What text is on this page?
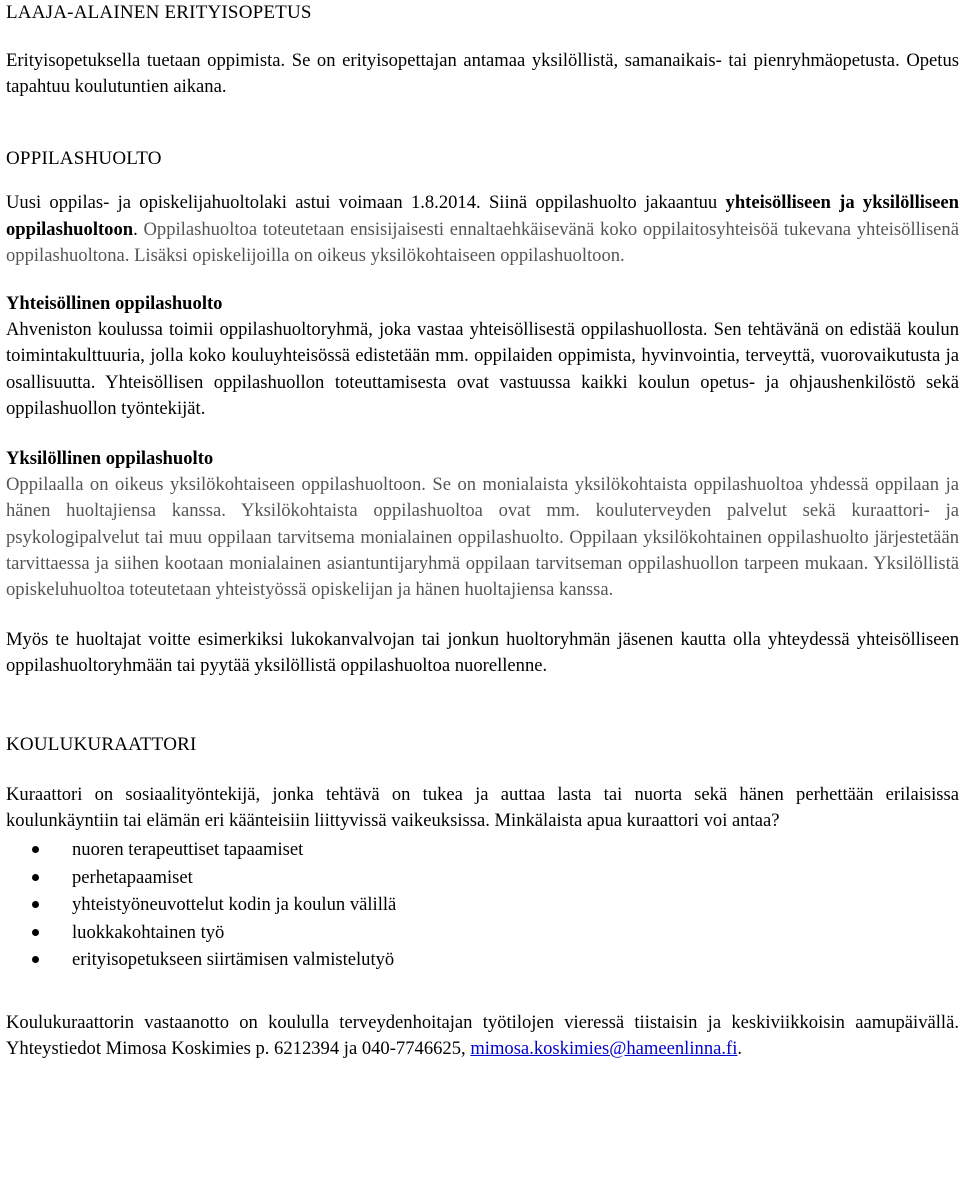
LAAJA-ALAINEN ERITYISOPETUS

Erityisopetuksella tuetaan oppimista. Se on erityisopettajan antamaa yksilöllistä, samanaikais- tai pienryhmäopetusta. Opetus tapahtuu koulutuntien aikana.

OPPILASHUOLTO

Uusi oppilas- ja opiskelijahuoltolaki astui voimaan 1.8.2014. Siinä oppilashuolto jakaantuu yhteisölliseen ja yksilölliseen oppilashuoltoon. Oppilashuoltoa toteutetaan ensisijaisesti ennaltaehkäisevänä koko oppilaitosyhteisöä tukevana yhteisöllisenä oppilashuoltona. Lisäksi opiskelijoilla on oikeus yksilökohtaiseen oppilashuoltoon.

Yhteisöllinen oppilashuolto

Ahveniston koulussa toimii oppilashuoltoryhmä, joka vastaa yhteisöllisestä oppilashuollosta. Sen tehtävänä on edistää koulun toimintakulttuuria, jolla koko kouluyhteisössä edistetään mm. oppilaiden oppimista, hyvinvointia, terveyttä, vuorovaikutusta ja osallisuutta. Yhteisöllisen oppilashuollon toteuttamisesta ovat vastuussa kaikki koulun opetus- ja ohjaushenkilöstö sekä oppilashuollon työntekijät.

Yksilöllinen oppilashuolto

Oppilaalla on oikeus yksilökohtaiseen oppilashuoltoon. Se on monialaista yksilökohtaista oppilashuoltoa yhdessä oppilaan ja hänen huoltajiensa kanssa. Yksilökohtaista oppilashuoltoa ovat mm. kouluterveyden palvelut sekä kuraattori- ja psykologipalvelut tai muu oppilaan tarvitsema monialainen oppilashuolto. Oppilaan yksilökohtainen oppilashuolto järjestetään tarvittaessa ja siihen kootaan monialainen asiantuntijaryhmä oppilaan tarvitseman oppilashuollon tarpeen mukaan. Yksilöllistä opiskeluhuoltoa toteutetaan yhteistyössä opiskelijan ja hänen huoltajiensa kanssa.

Myös te huoltajat voitte esimerkiksi lukokanvalvojan tai jonkun huoltoryhmän jäsenen kautta olla yhteydessä yhteisölliseen oppilashuoltoryhmään tai pyytää yksilöllistä oppilashuoltoa nuorellenne.

KOULUKURAATTORI

Kuraattori on sosiaalityöntekijä, jonka tehtävä on tukea ja auttaa lasta tai nuorta sekä hänen perhettään erilaisissa koulunkäyntiin tai elämän eri käänteisiin liittyvissä vaikeuksissa. Minkälaista apua kuraattori voi antaa?

nuoren terapeuttiset tapaamiset
perhetapaamiset
yhteistyöneuvottelut kodin ja koulun välillä
luokkakohtainen työ
erityisopetukseen siirtämisen valmistelutyö

Koulukuraattorin vastaanotto on koululla terveydenhoitajan työtilojen vieressä tiistaisin ja keskiviikkoisin aamupäivällä. Yhteystiedot Mimosa Koskimies p. 6212394 ja 040-7746625, mimosa.koskimies@hameenlinna.fi.
